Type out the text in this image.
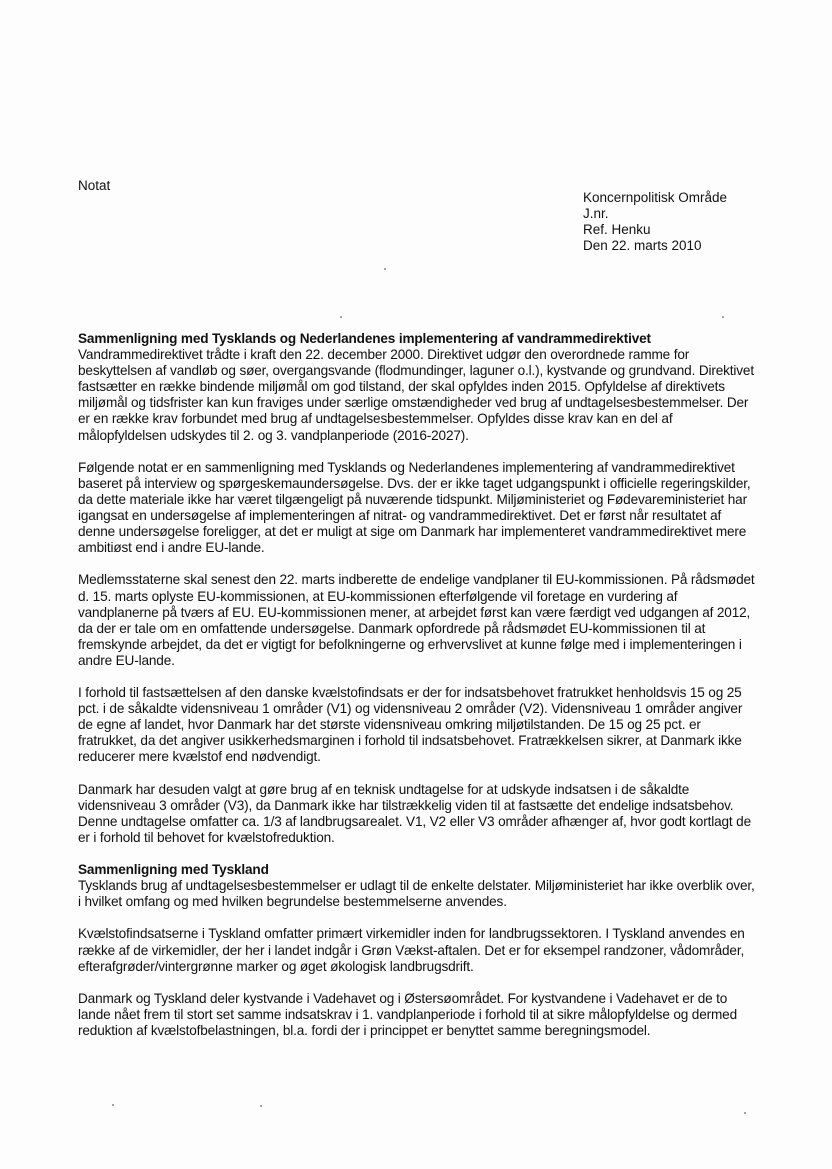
Notat
Koncernpolitisk Område
J.nr.
Ref. Henku
Den 22. marts 2010
Sammenligning med Tysklands og Nederlandenes implementering af vandrammedirektivet
Vandrammedirektivet trådte i kraft den 22. december 2000. Direktivet udgør den overordnede ramme for beskyttelsen af vandløb og søer, overgangsvande (flodmundinger, laguner o.l.), kystvande og grundvand. Direktivet fastsætter en række bindende miljømål om god tilstand, der skal opfyldes inden 2015. Opfyldelse af direktivets miljømål og tidsfrister kan kun fraviges under særlige omstændigheder ved brug af undtagelsesbestemmelser. Der er en række krav forbundet med brug af undtagelsesbestemmelser. Opfyldes disse krav kan en del af målopfyldelsen udskydes til 2. og 3. vandplanperiode (2016-2027).
Følgende notat er en sammenligning med Tysklands og Nederlandenes implementering af vandrammedirektivet baseret på interview og spørgeskemaundersøgelse. Dvs. der er ikke taget udgangspunkt i officielle regeringskilder, da dette materiale ikke har været tilgængeligt på nuværende tidspunkt. Miljøministeriet og Fødevareministeriet har igangsat en undersøgelse af implementeringen af nitrat- og vandrammedirektivet. Det er først når resultatet af denne undersøgelse foreligger, at det er muligt at sige om Danmark har implementeret vandrammedirektivet mere ambitiøst end i andre EU-lande.
Medlemsstaterne skal senest den 22. marts indberette de endelige vandplaner til EU-kommissionen. På rådsmødet d. 15. marts oplyste EU-kommissionen, at EU-kommissionen efterfølgende vil foretage en vurdering af vandplanerne på tværs af EU. EU-kommissionen mener, at arbejdet først kan være færdigt ved udgangen af 2012, da der er tale om en omfattende undersøgelse. Danmark opfordrede på rådsmødet EU-kommissionen til at fremskynde arbejdet, da det er vigtigt for befolkningerne og erhvervslivet at kunne følge med i implementeringen i andre EU-lande.
I forhold til fastsættelsen af den danske kvælstofindsats er der for indsatsbehovet fratrukket henholdsvis 15 og 25 pct. i de såkaldte vidensniveau 1 områder (V1) og vidensniveau 2 områder (V2). Vidensniveau 1 områder angiver de egne af landet, hvor Danmark har det største vidensniveau omkring miljøtilstanden. De 15 og 25 pct. er fratrukket, da det angiver usikkerhedsmarginen i forhold til indsatsbehovet. Fratrækkelsen sikrer, at Danmark ikke reducerer mere kvælstof end nødvendigt.
Danmark har desuden valgt at gøre brug af en teknisk undtagelse for at udskyde indsatsen i de såkaldte vidensniveau 3 områder (V3), da Danmark ikke har tilstrækkelig viden til at fastsætte det endelige indsatsbehov. Denne undtagelse omfatter ca. 1/3 af landbrugsarealet. V1, V2 eller V3 områder afhænger af, hvor godt kortlagt de er i forhold til behovet for kvælstofreduktion.
Sammenligning med Tyskland
Tysklands brug af undtagelsesbestemmelser er udlagt til de enkelte delstater. Miljøministeriet har ikke overblik over, i hvilket omfang og med hvilken begrundelse bestemmelserne anvendes.
Kvælstofindsatserne i Tyskland omfatter primært virkemidler inden for landbrugssektoren. I Tyskland anvendes en række af de virkemidler, der her i landet indgår i Grøn Vækst-aftalen. Det er for eksempel randzoner, vådområder, efterafgrøder/vintergrønne marker og øget økologisk landbrugsdrift.
Danmark og Tyskland deler kystvande i Vadehavet og i Østersøområdet. For kystvandene i Vadehavet er de to lande nået frem til stort set samme indsatskrav i 1. vandplanperiode i forhold til at sikre målopfyldelse og dermed reduktion af kvælstofbelastningen, bl.a. fordi der i princippet er benyttet samme beregningsmodel.
